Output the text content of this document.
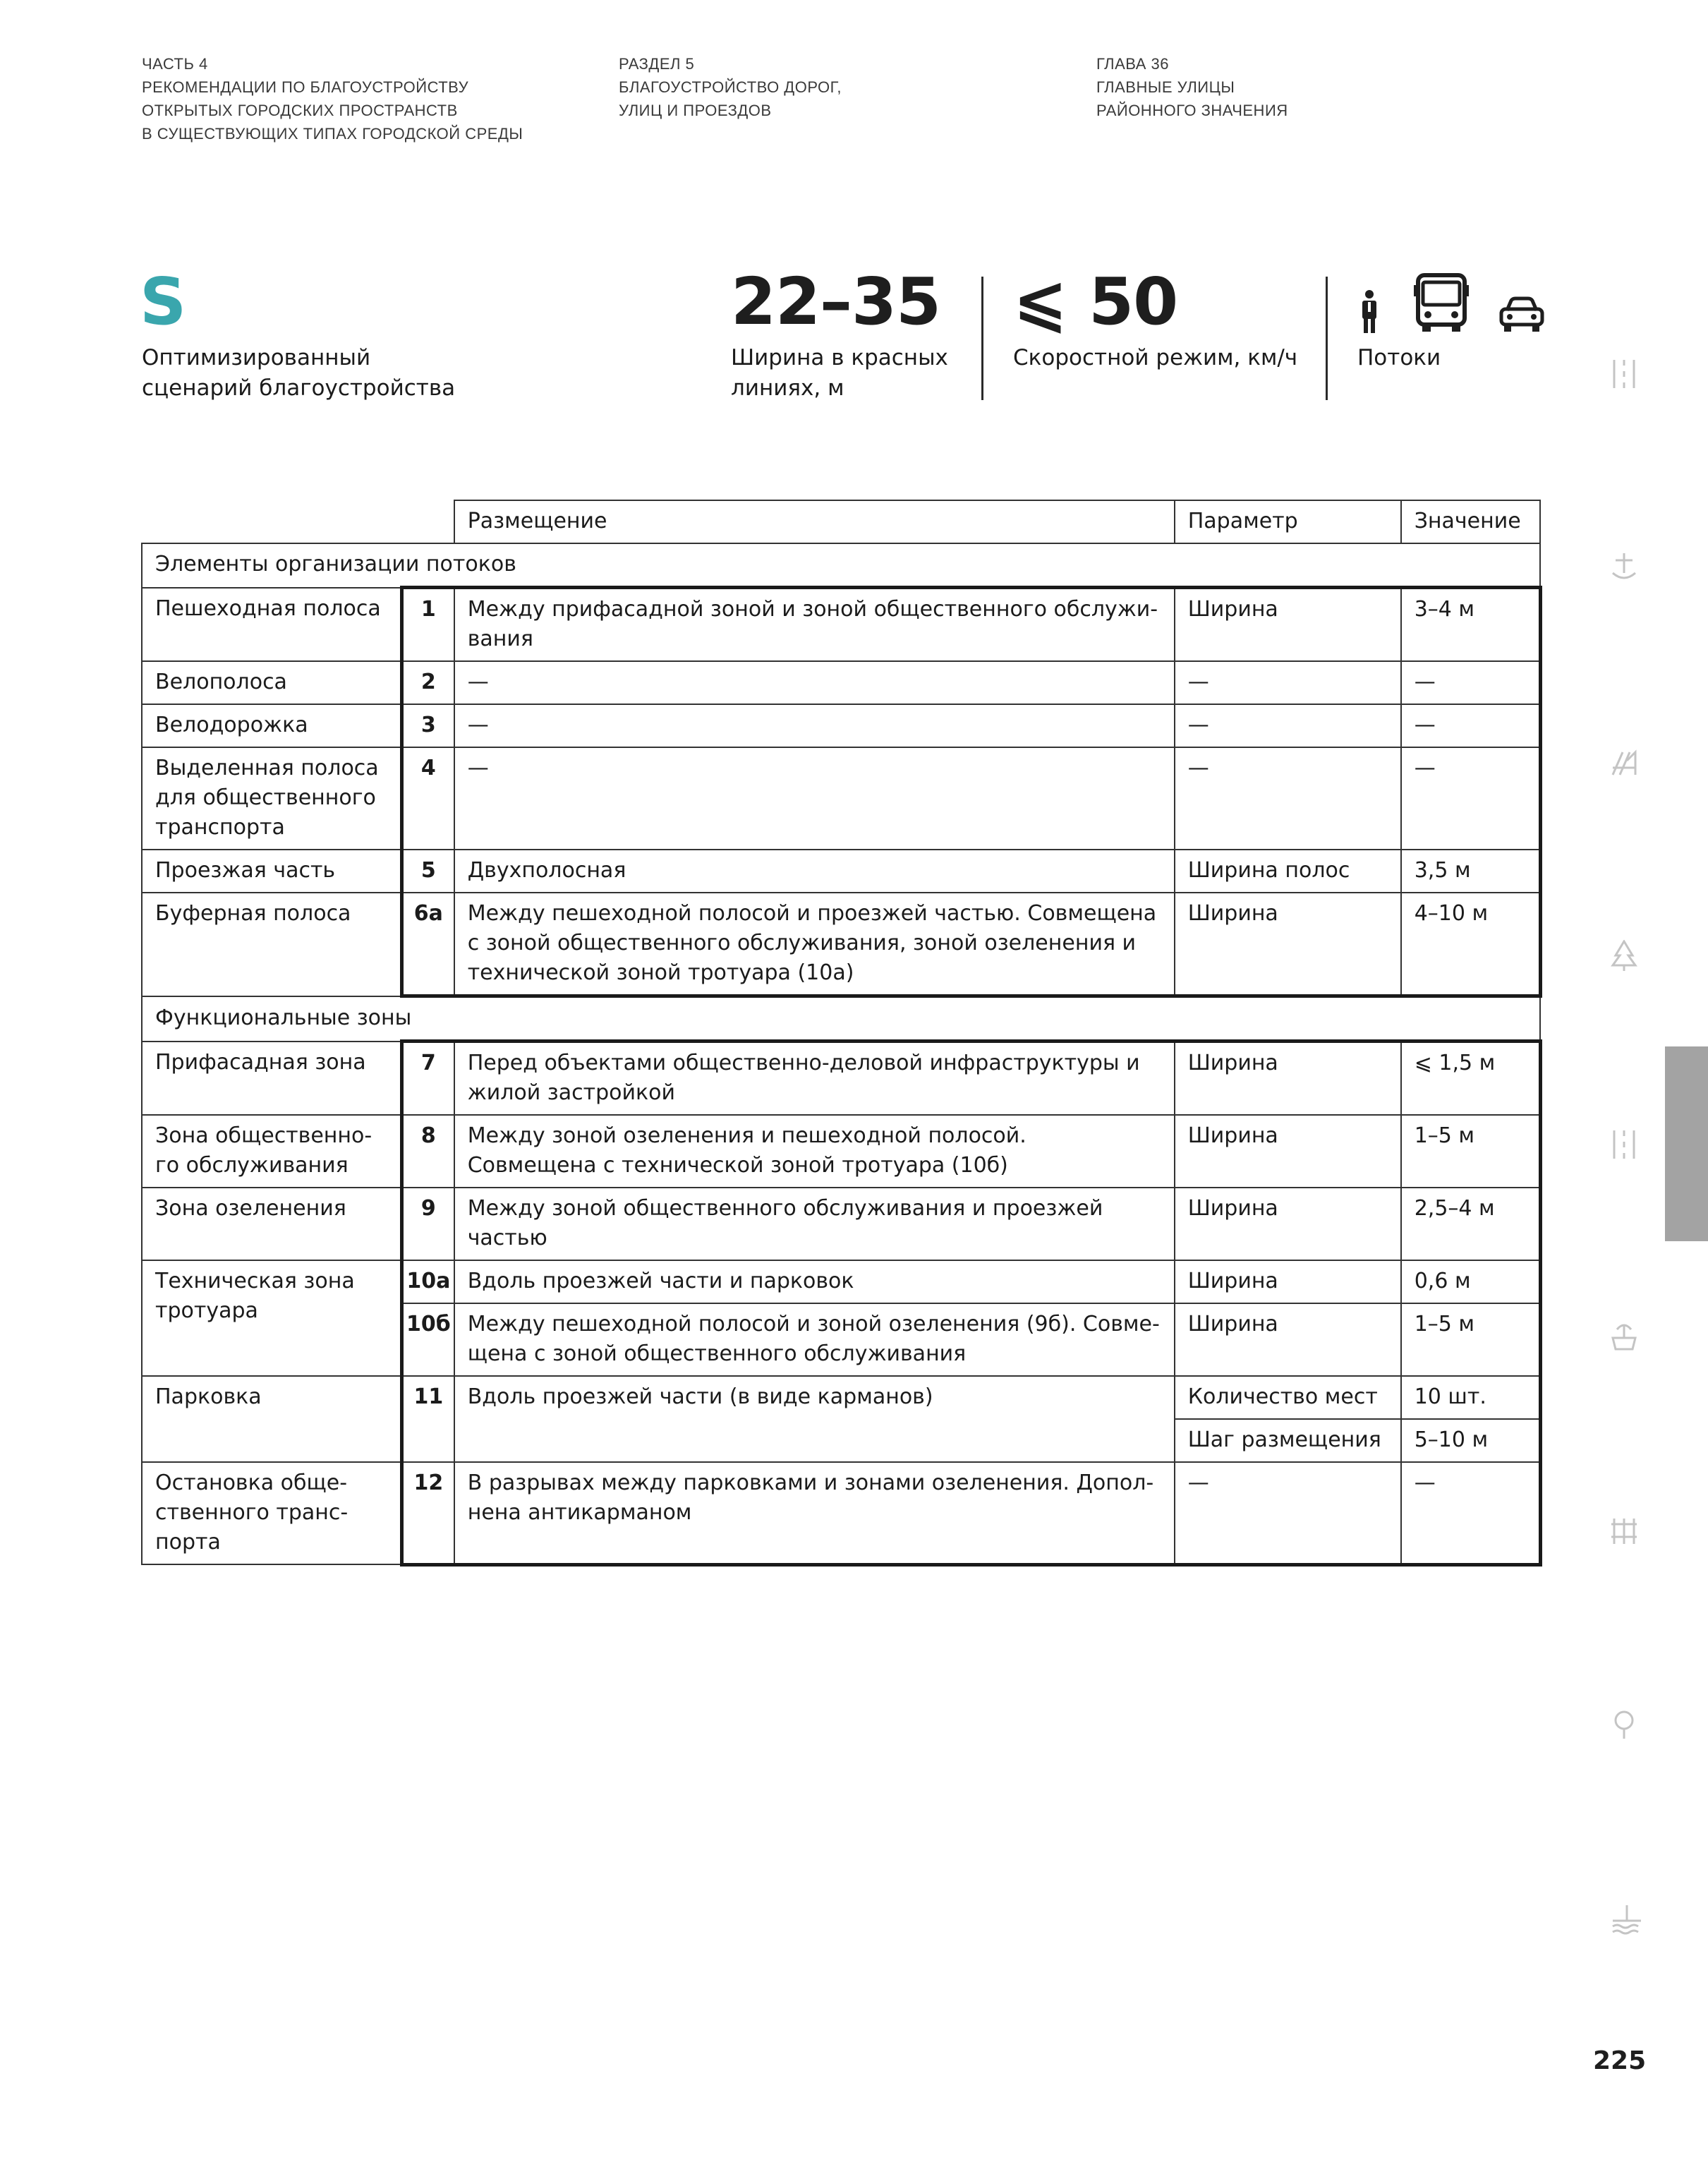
ЧАСТЬ 4
РЕКОМЕНДАЦИИ ПО БЛАГОУСТРОЙСТВУ
ОТКРЫТЫХ ГОРОДСКИХ ПРОСТРАНСТВ
В СУЩЕСТВУЮЩИХ ТИПАХ ГОРОДСКОЙ СРЕДЫ
РАЗДЕЛ 5
БЛАГОУСТРОЙСТВО ДОРОГ,
УЛИЦ И ПРОЕЗДОВ
ГЛАВА 36
ГЛАВНЫЕ УЛИЦЫ
РАЙОННОГО ЗНАЧЕНИЯ
S
Оптимизированный
сценарий благоустройства
22–35
Ширина в красных
линиях, м
⩽ 50
Скоростной режим, км/ч	Потоки
		Размещение	Параметр	Значение
Элементы организации потоков				
Пешеходная полоса	1	Между прифасадной зоной и зоной общественного обслужи-вания	Ширина	3–4 м
Велополоса	2	—	—	—
Велодорожка	3	—	—	—
Выделенная полоса для общественного транспорта	4	—	—	—
Проезжая часть	5	Двухполосная	Ширина полос	3,5 м
Буферная полоса	6а	Между пешеходной полосой и проезжей частью. Совмещена с зоной общественного обслуживания, зоной озеленения и технической зоной тротуара (10а)	Ширина	4–10 м
Функциональные зоны				
Прифасадная зона	7	Перед объектами общественно-деловой инфраструктуры и жилой застройкой	Ширина	⩽ 1,5 м
Зона общественно-го обслуживания	8	Между зоной озеленения и пешеходной полосой. Совмещена с технической зоной тротуара (10б)	Ширина	1–5 м
Зона озеленения	9	Между зоной общественного обслуживания и проезжей частью	Ширина	2,5–4 м
Техническая зона тротуара	10а	Вдоль проезжей части и парковок	Ширина	0,6 м
	10б	Между пешеходной полосой и зоной озеленения (9б). Совме-щена с зоной общественного обслуживания	Ширина	1–5 м
Парковка	11	Вдоль проезжей части (в виде карманов)	Количество мест	10 шт.
			Шаг размещения	5–10 м
Остановка обще-ственного транс-порта	12	В разрывах между парковками и зонами озеленения. Допол-нена антикарманом	—	—
225
